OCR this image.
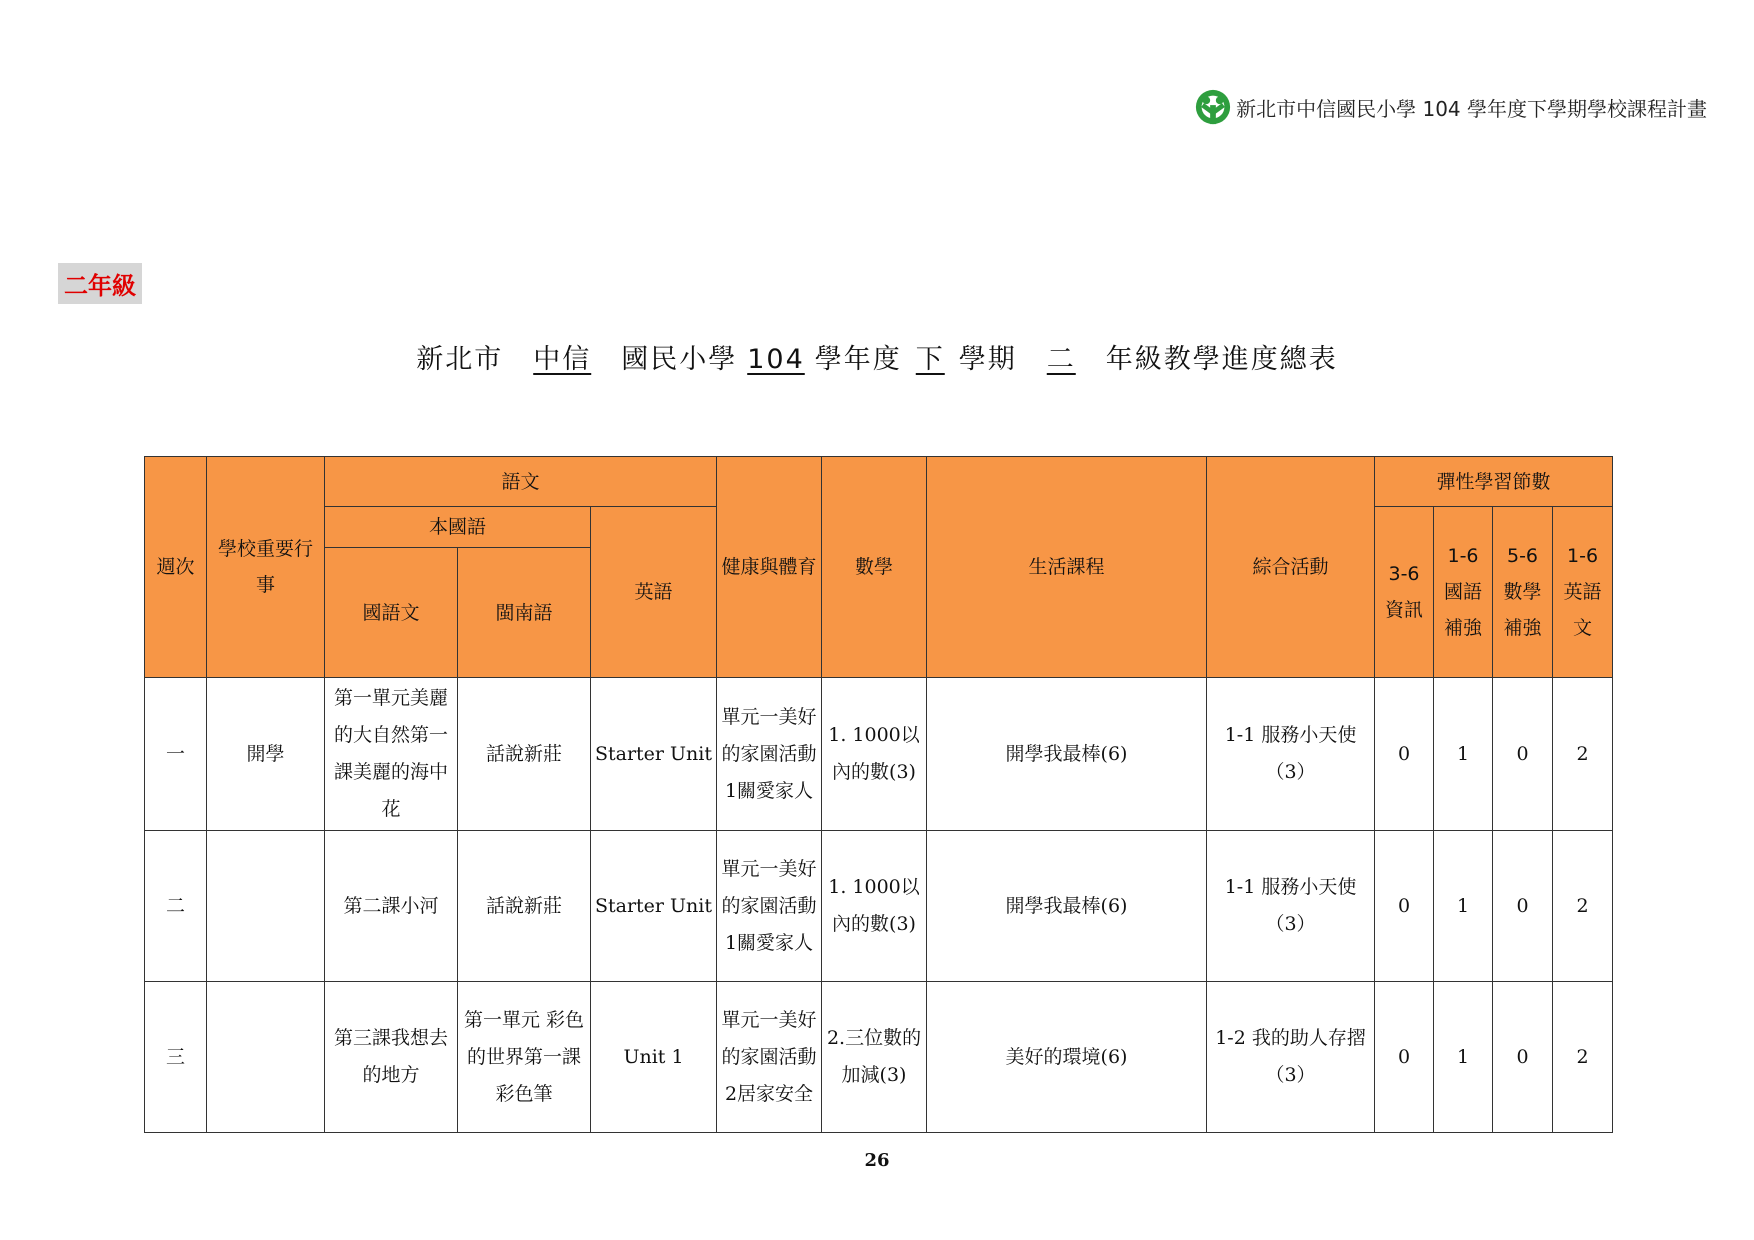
新北市中信國民小學 104 學年度下學期學校課程計畫
二年級
新北市 中信 國民小學 104 學年度 下 學期 二 年級教學進度總表
週次	學校重要行事	語文			健康與體育	數學	生活課程	綜合活動	彈性學習節數			
		本國語		英語					3-6 資訊	1-6 國語補強	5-6 數學補強	1-6 英語文
		國語文	閩南語									
一	開學	第一單元美麗的大自然第一課美麗的海中花	話說新莊	Starter Unit	單元一美好的家園活動1關愛家人	1. 1000以內的數(3)	開學我最棒(6)	1-1 服務小天使（3）	0	1	0	2
二		第二課小河	話說新莊	Starter Unit	單元一美好的家園活動1關愛家人	1. 1000以內的數(3)	開學我最棒(6)	1-1 服務小天使（3）	0	1	0	2
三		第三課我想去的地方	第一單元 彩色的世界第一課彩色筆	Unit 1	單元一美好的家園活動2居家安全	2.三位數的加減(3)	美好的環境(6)	1-2 我的助人存摺（3）	0	1	0	2
26
